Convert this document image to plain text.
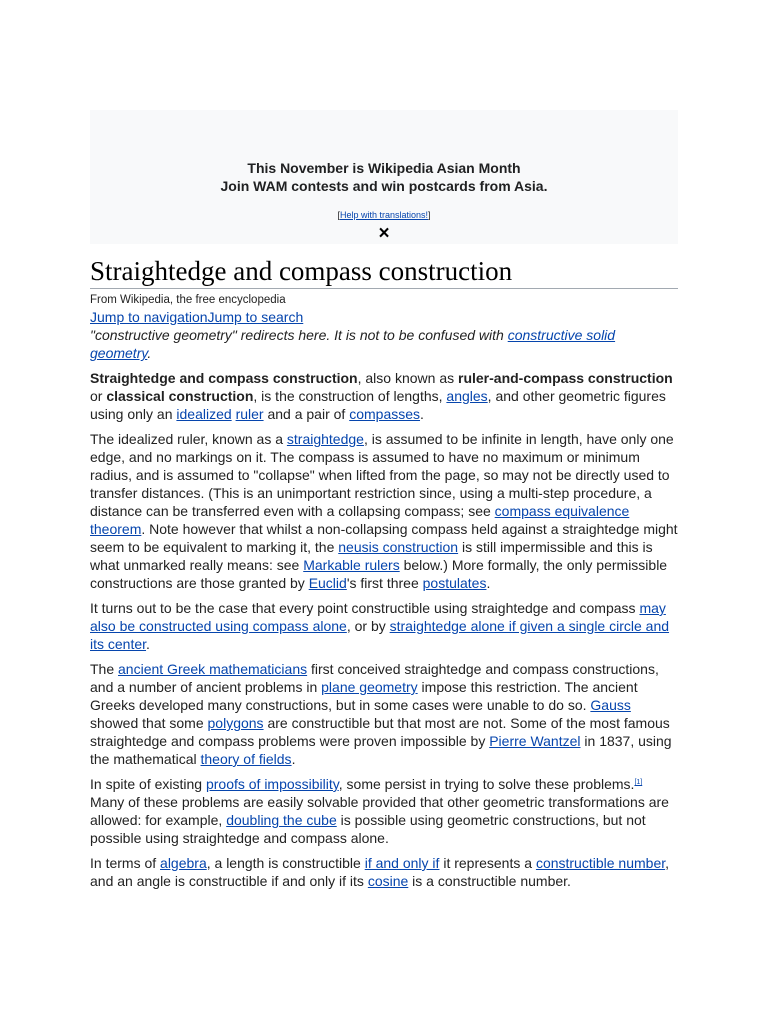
This November is Wikipedia Asian Month
Join WAM contests and win postcards from Asia.
[Help with translations!]
×
Straightedge and compass construction
From Wikipedia, the free encyclopedia
Jump to navigationJump to search
"constructive geometry" redirects here. It is not to be confused with constructive solid geometry.

Straightedge and compass construction, also known as ruler-and-compass construction or classical construction, is the construction of lengths, angles, and other geometric figures using only an idealized ruler and a pair of compasses.

The idealized ruler, known as a straightedge, is assumed to be infinite in length, have only one edge, and no markings on it. The compass is assumed to have no maximum or minimum radius, and is assumed to "collapse" when lifted from the page, so may not be directly used to transfer distances. (This is an unimportant restriction since, using a multi-step procedure, a distance can be transferred even with a collapsing compass; see compass equivalence theorem. Note however that whilst a non-collapsing compass held against a straightedge might seem to be equivalent to marking it, the neusis construction is still impermissible and this is what unmarked really means: see Markable rulers below.) More formally, the only permissible constructions are those granted by Euclid's first three postulates.

It turns out to be the case that every point constructible using straightedge and compass may also be constructed using compass alone, or by straightedge alone if given a single circle and its center.

The ancient Greek mathematicians first conceived straightedge and compass constructions, and a number of ancient problems in plane geometry impose this restriction. The ancient Greeks developed many constructions, but in some cases were unable to do so. Gauss showed that some polygons are constructible but that most are not. Some of the most famous straightedge and compass problems were proven impossible by Pierre Wantzel in 1837, using the mathematical theory of fields.

In spite of existing proofs of impossibility, some persist in trying to solve these problems.[1] Many of these problems are easily solvable provided that other geometric transformations are allowed: for example, doubling the cube is possible using geometric constructions, but not possible using straightedge and compass alone.

In terms of algebra, a length is constructible if and only if it represents a constructible number, and an angle is constructible if and only if its cosine is a constructible number.
